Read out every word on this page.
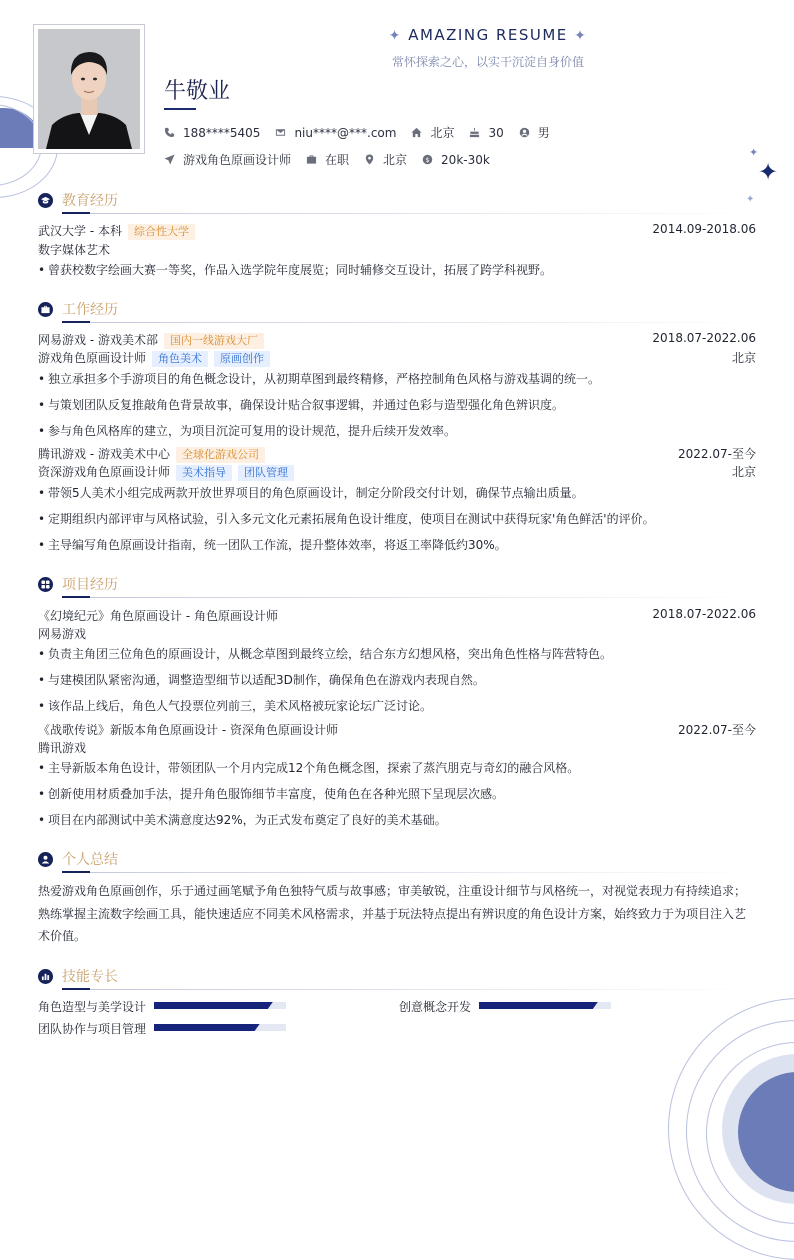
✦ AMAZING RESUME ✦
常怀探索之心，以实干沉淀自身价值
牛敬业
188****5405	niu****@***.com	北京	30	男
游戏角色原画设计师	在职	北京	$ 20k-30k	✦
✦
✦
教育经历
武汉大学 - 本科 综合性大学	2014.09-2018.06
数字媒体艺术
• 曾获校数字绘画大赛一等奖，作品入选学院年度展览；同时辅修交互设计，拓展了跨学科视野。
工作经历
网易游戏 - 游戏美术部 国内一线游戏大厂	2018.07-2022.06
游戏角色原画设计师 角色美术 原画创作	北京
• 独立承担多个手游项目的角色概念设计，从初期草图到最终精修，严格控制角色风格与游戏基调的统一。
• 与策划团队反复推敲角色背景故事，确保设计贴合叙事逻辑，并通过色彩与造型强化角色辨识度。
• 参与角色风格库的建立，为项目沉淀可复用的设计规范，提升后续开发效率。
腾讯游戏 - 游戏美术中心 全球化游戏公司	2022.07-至今
资深游戏角色原画设计师 美术指导 团队管理	北京
• 带领5人美术小组完成两款开放世界项目的角色原画设计，制定分阶段交付计划，确保节点输出质量。
• 定期组织内部评审与风格试验，引入多元文化元素拓展角色设计维度，使项目在测试中获得玩家'角色鲜活'的评价。
• 主导编写角色原画设计指南，统一团队工作流，提升整体效率，将返工率降低约30%。
项目经历
《幻境纪元》角色原画设计 - 角色原画设计师	2018.07-2022.06
网易游戏
• 负责主角团三位角色的原画设计，从概念草图到最终立绘，结合东方幻想风格，突出角色性格与阵营特色。
• 与建模团队紧密沟通，调整造型细节以适配3D制作，确保角色在游戏内表现自然。
• 该作品上线后，角色人气投票位列前三，美术风格被玩家论坛广泛讨论。
《战歌传说》新版本角色原画设计 - 资深角色原画设计师	2022.07-至今
腾讯游戏
• 主导新版本角色设计，带领团队一个月内完成12个角色概念图，探索了蒸汽朋克与奇幻的融合风格。
• 创新使用材质叠加手法，提升角色服饰细节丰富度，使角色在各种光照下呈现层次感。
• 项目在内部测试中美术满意度达92%，为正式发布奠定了良好的美术基础。
个人总结
热爱游戏角色原画创作，乐于通过画笔赋予角色独特气质与故事感；审美敏锐，注重设计细节与风格统一，对视觉表现力有持续追求；熟练掌握主流数字绘画工具，能快速适应不同美术风格需求，并基于玩法特点提出有辨识度的角色设计方案，始终致力于为项目注入艺术价值。
技能专长
角色造型与美学设计	创意概念开发
团队协作与项目管理
